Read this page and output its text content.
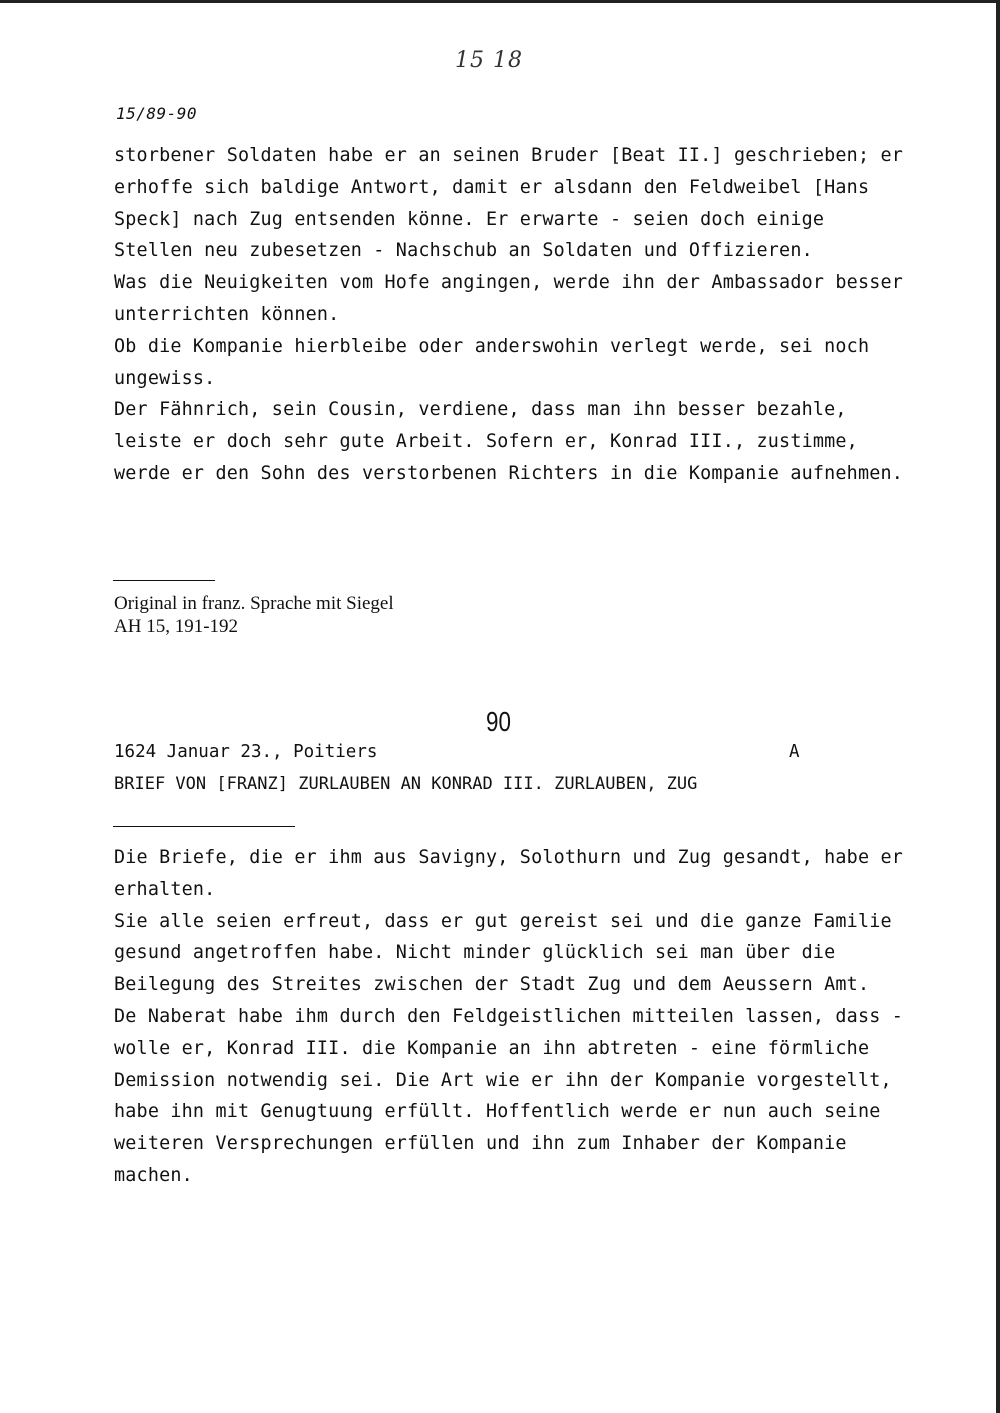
15 18
15/89-90

storbener Soldaten habe er an seinen Bruder [Beat II.] geschrieben; er erhoffe sich baldige Antwort, damit er alsdann den Feldweibel [Hans Speck] nach Zug entsenden könne. Er erwarte - seien doch einige Stellen neu zubesetzen - Nachschub an Soldaten und Offizieren.

Was die Neuigkeiten vom Hofe angingen, werde ihn der Ambassador besser unterrichten können.

Ob die Kompanie hierbleibe oder anderswohin verlegt werde, sei noch ungewiss.

Der Fähnrich, sein Cousin, verdiene, dass man ihn besser bezahle, leiste er doch sehr gute Arbeit. Sofern er, Konrad III., zustimme, werde er den Sohn des verstorbenen Richters in die Kompanie aufnehmen.

Original in franz. Sprache mit Siegel
AH 15, 191-192
90
1624 Januar 23., Poitiers	A
BRIEF VON [FRANZ] ZURLAUBEN AN KONRAD III. ZURLAUBEN, ZUG

Die Briefe, die er ihm aus Savigny, Solothurn und Zug gesandt, habe er erhalten.

Sie alle seien erfreut, dass er gut gereist sei und die ganze Familie gesund angetroffen habe. Nicht minder glücklich sei man über die Beilegung des Streites zwischen der Stadt Zug und dem Aeussern Amt.

De Naberat habe ihm durch den Feldgeistlichen mitteilen lassen, dass - wolle er, Konrad III. die Kompanie an ihn abtreten - eine förmliche Demission notwendig sei. Die Art wie er ihn der Kompanie vorgestellt, habe ihn mit Genugtuung erfüllt. Hoffentlich werde er nun auch seine weiteren Versprechungen erfüllen und ihn zum Inhaber der Kompanie machen.
